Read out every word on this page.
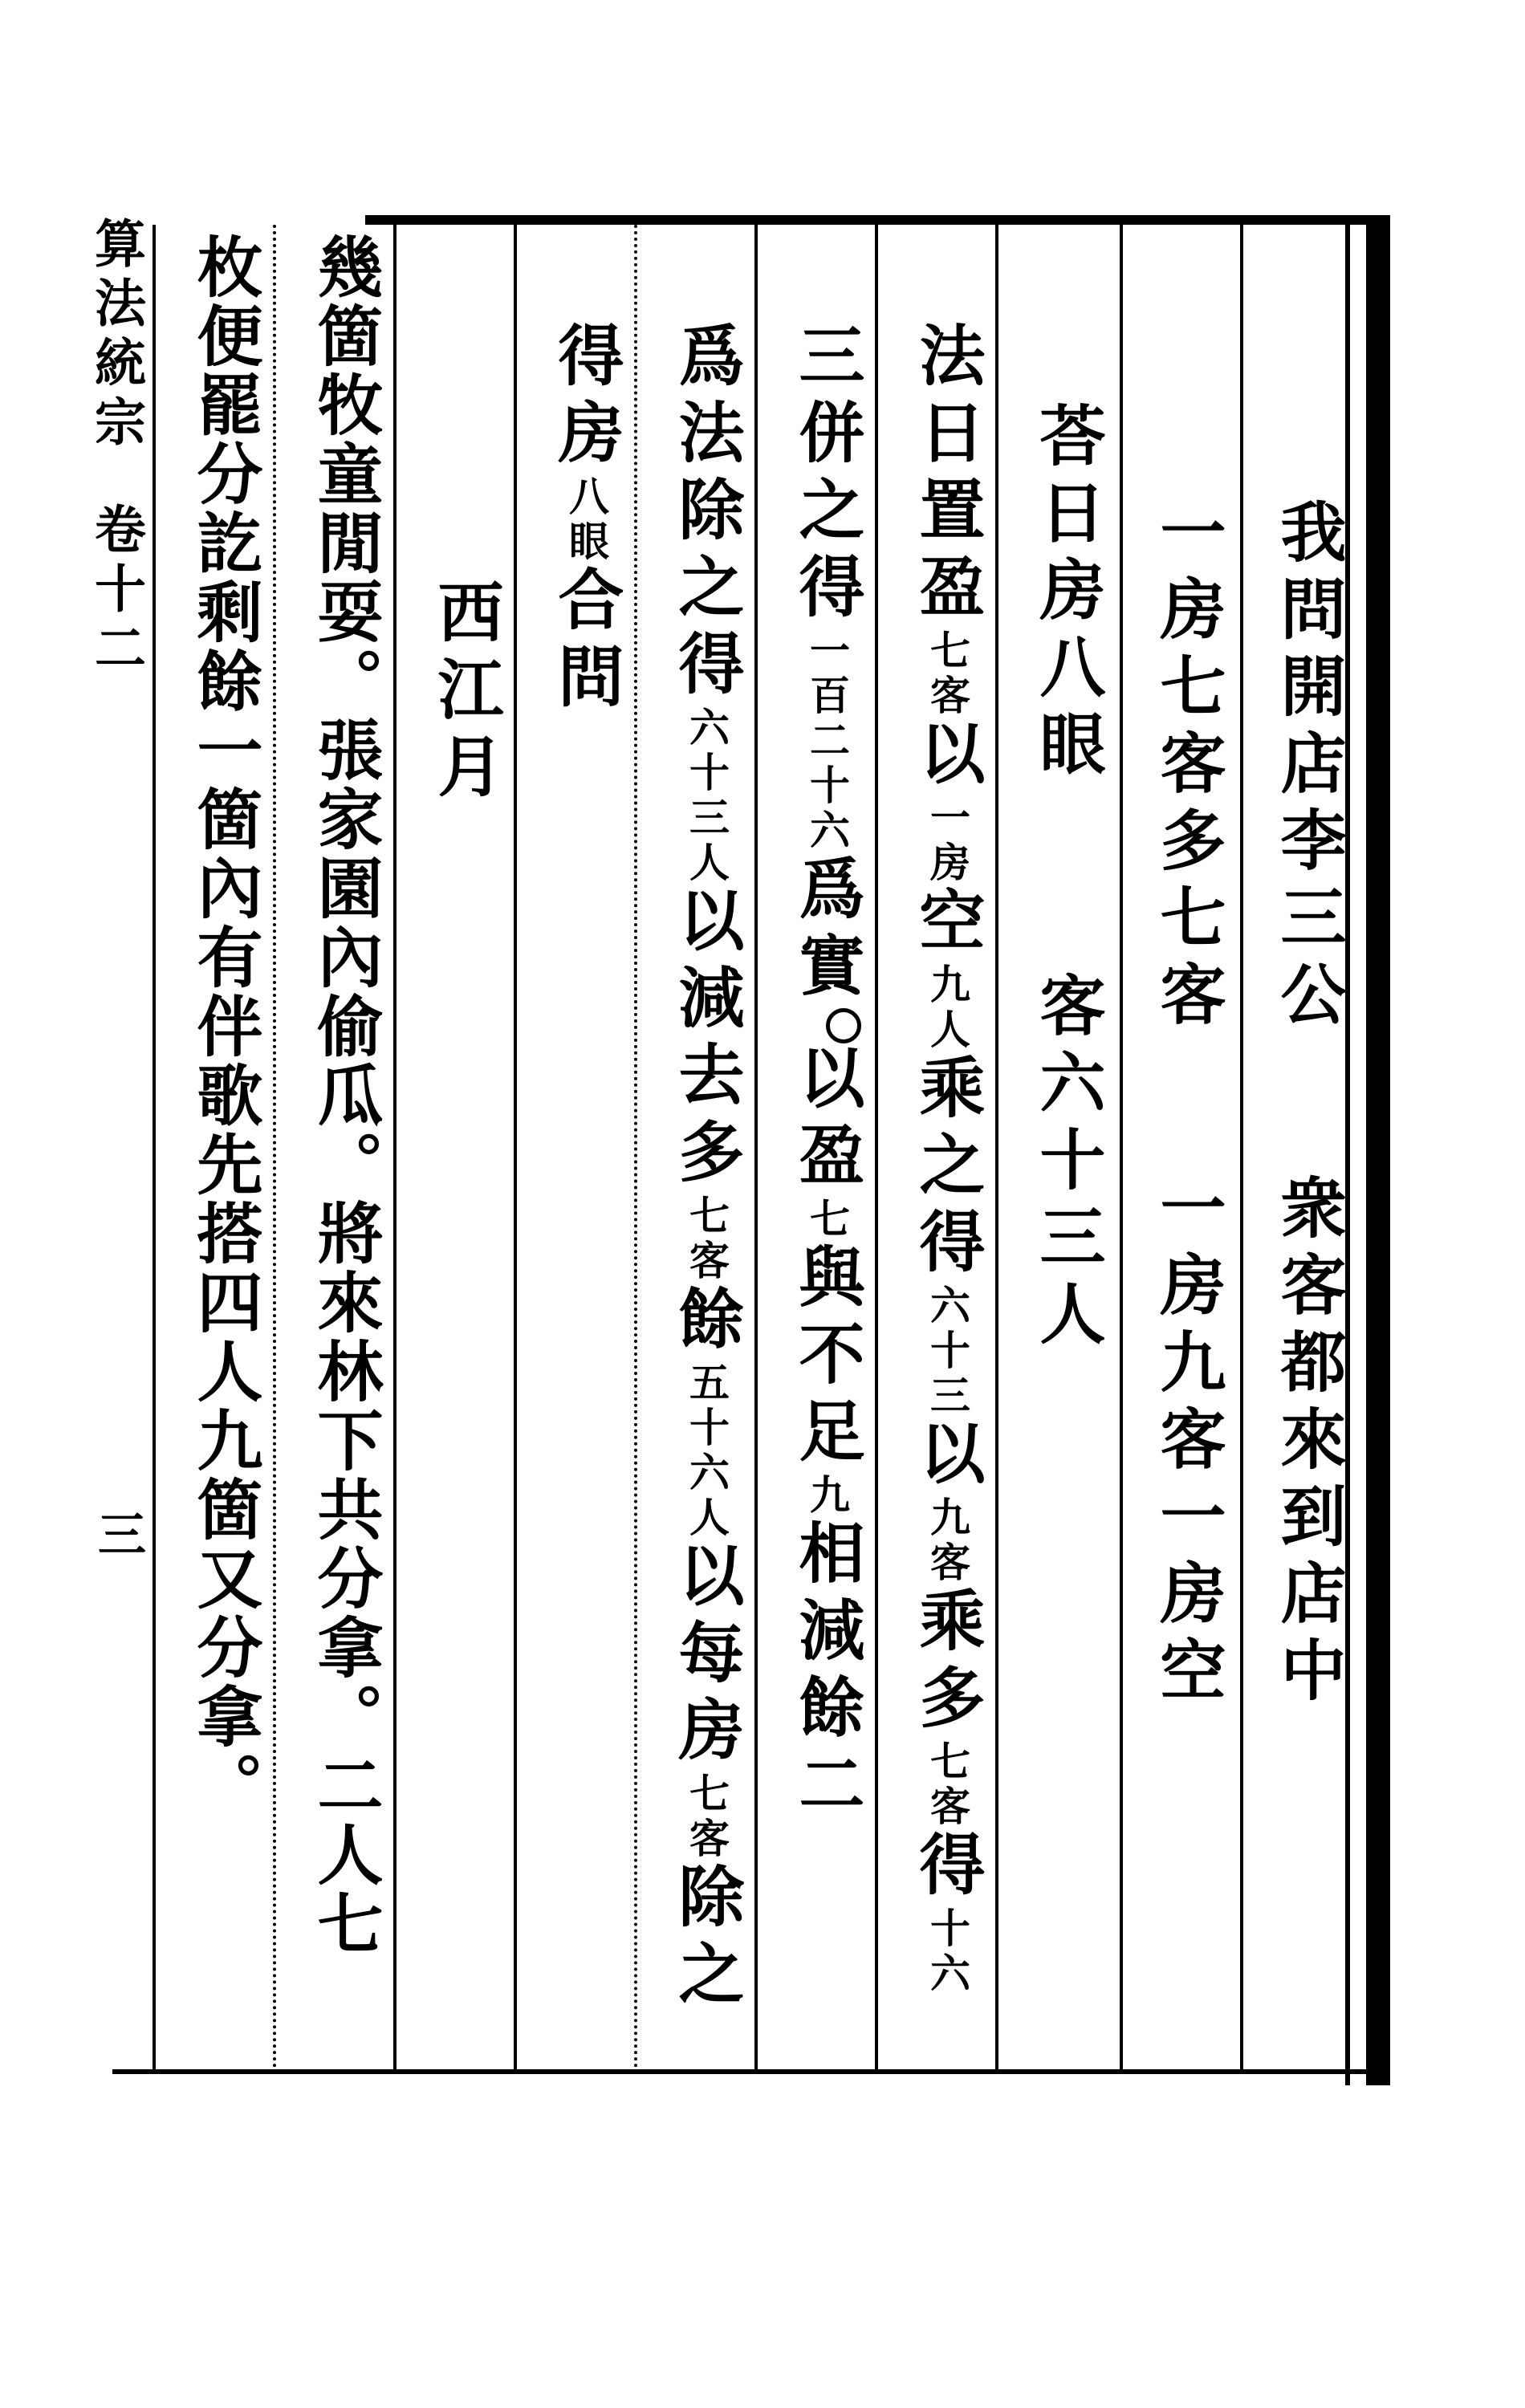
我問開店李三公衆客都來到店中
一房七客多七客一房九客一房空
荅日房八眼客六十三人
法日置盈七客以一房空九人乘之得六十三以九客乘多七客得十六
三併之得一百二十六爲實以盈七與不足九相減餘二
爲法除之得六十三人以減去多七客餘五十六人以每房七客除之
得房八眼合問
西江月
幾箇牧童閒耍。張家園內偷瓜。將來林下共分拿。二人七
枚便罷分訖剩餘一箇內有伴歌先搭四人九箇又分拿。
算法統宗卷十二
三
